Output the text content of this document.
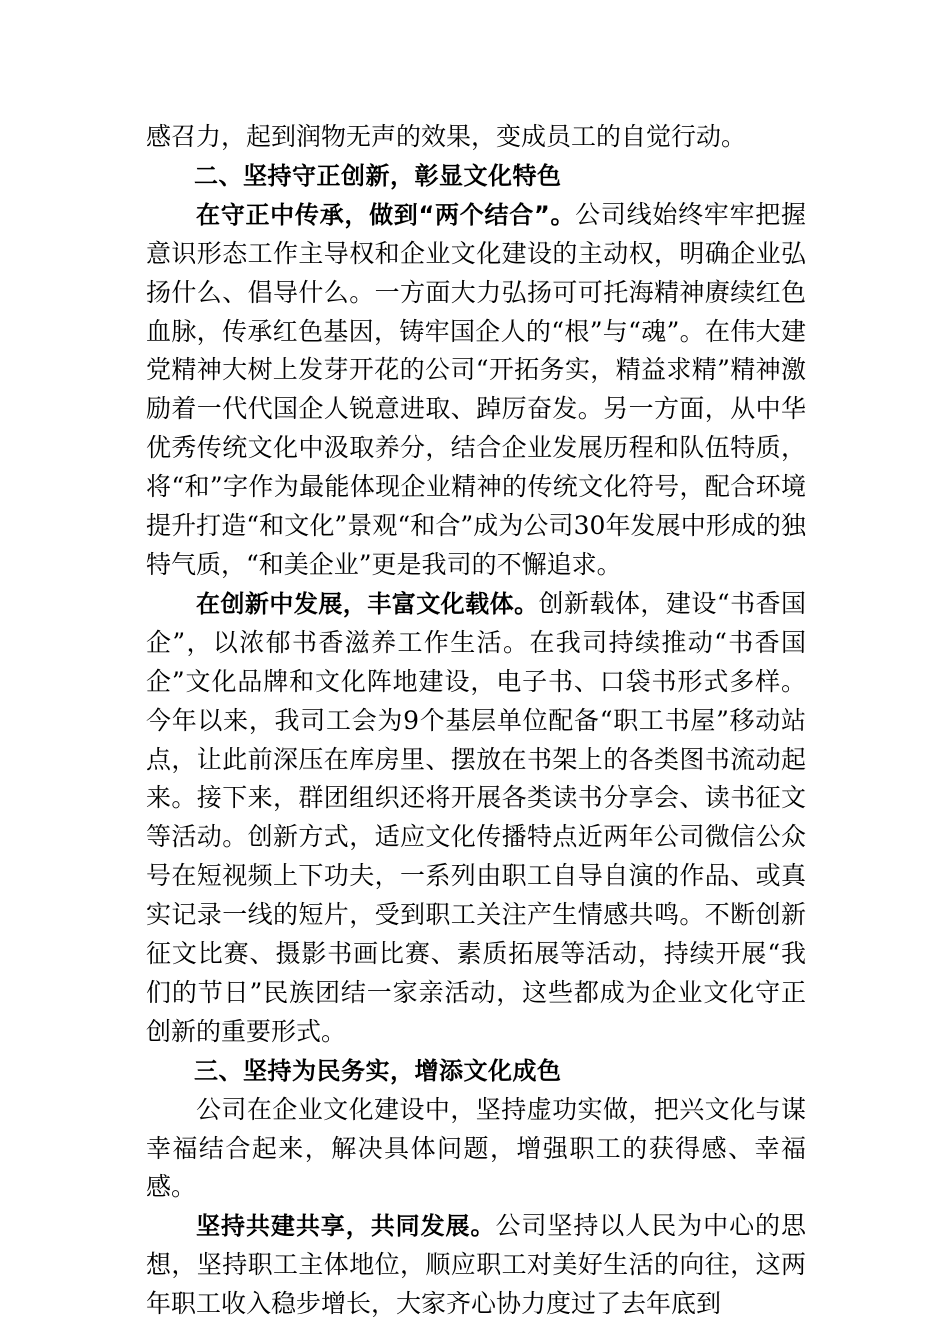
感召力，起到润物无声的效果，变成员工的自觉行动。

二、坚持守正创新，彰显文化特色

在守正中传承，做到“两个结合”。公司线始终牢牢把握意识形态工作主导权和企业文化建设的主动权，明确企业弘扬什么、倡导什么。一方面大力弘扬可可托海精神赓续红色血脉，传承红色基因，铸牢国企人的“根”与“魂”。在伟大建党精神大树上发芽开花的公司“开拓务实，精益求精”精神激励着一代代国企人锐意进取、踔厉奋发。另一方面，从中华优秀传统文化中汲取养分，结合企业发展历程和队伍特质，将“和”字作为最能体现企业精神的传统文化符号，配合环境提升打造“和文化”景观“和合”成为公司30年发展中形成的独特气质，“和美企业”更是我司的不懈追求。

在创新中发展，丰富文化载体。创新载体，建设“书香国企”，以浓郁书香滋养工作生活。在我司持续推动“书香国企”文化品牌和文化阵地建设，电子书、口袋书形式多样。今年以来，我司工会为9个基层单位配备“职工书屋”移动站点，让此前深压在库房里、摆放在书架上的各类图书流动起来。接下来，群团组织还将开展各类读书分享会、读书征文等活动。创新方式，适应文化传播特点近两年公司微信公众号在短视频上下功夫，一系列由职工自导自演的作品、或真实记录一线的短片，受到职工关注产生情感共鸣。不断创新征文比赛、摄影书画比赛、素质拓展等活动，持续开展“我们的节日”民族团结一家亲活动，这些都成为企业文化守正创新的重要形式。

三、坚持为民务实，增添文化成色

公司在企业文化建设中，坚持虚功实做，把兴文化与谋幸福结合起来，解决具体问题，增强职工的获得感、幸福感。

坚持共建共享，共同发展。公司坚持以人民为中心的思想，坚持职工主体地位，顺应职工对美好生活的向往，这两年职工收入稳步增长，大家齐心协力度过了去年底到
